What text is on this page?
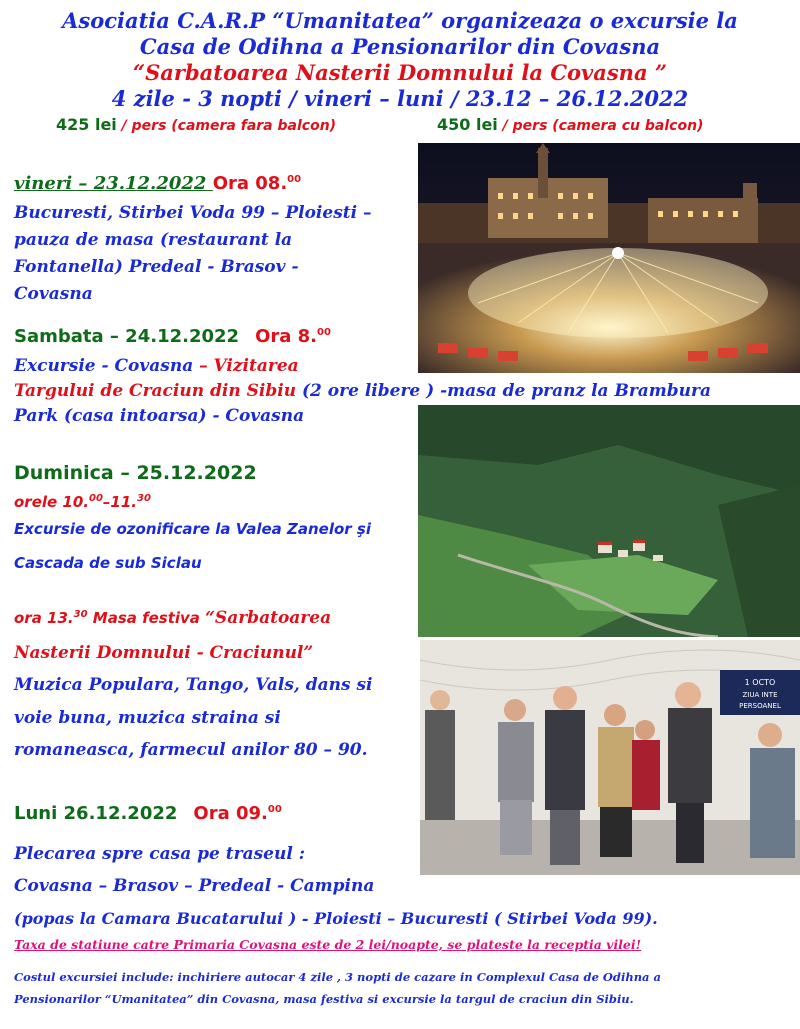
Asociatia C.A.R.P “Umanitatea” organizeaza o excursie la
Casa de Odihna a Pensionarilor din Covasna
“Sarbatoarea Nasterii Domnului la Covasna ”
4 zile - 3 nopti / vineri – luni / 23.12 – 26.12.2022
425 lei / pers (camera fara balcon)	450 lei / pers (camera cu balcon)
1 OCTO
ZIUA INTE
PERSOANEL
vineri – 23.12.2022 Ora 08.00
Bucuresti, Stirbei Voda 99 – Ploiesti –
pauza de masa (restaurant la
Fontanella) Predeal - Brasov -
Covasna
Sambata – 24.12.2022 Ora 8.00
Excursie - Covasna – Vizitarea
Targului de Craciun din Sibiu (2 ore libere ) -masa de pranz la Brambura
Park (casa intoarsa) - Covasna
Duminica – 25.12.2022
orele 10.00–11.30
Excursie de ozonificare la Valea Zanelor şi
Cascada de sub Siclau
ora 13.30 Masa festiva “Sarbatoarea
Nasterii Domnului - Craciunul”
Muzica Populara, Tango, Vals, dans si
voie buna, muzica straina si
romaneasca, farmecul anilor 80 – 90.
Luni 26.12.2022 Ora 09.00
Plecarea spre casa pe traseul :
Covasna – Brasov – Predeal - Campina
(popas la Camara Bucatarului ) - Ploiesti – Bucuresti ( Stirbei Voda 99).
Taxa de statiune catre Primaria Covasna este de 2 lei/noapte, se plateste la receptia vilei!
Costul excursiei include: inchiriere autocar 4 zile , 3 nopti de cazare in Complexul Casa de Odihna a
Pensionarilor “Umanitatea” din Covasna, masa festiva si excursie la targul de craciun din Sibiu.
